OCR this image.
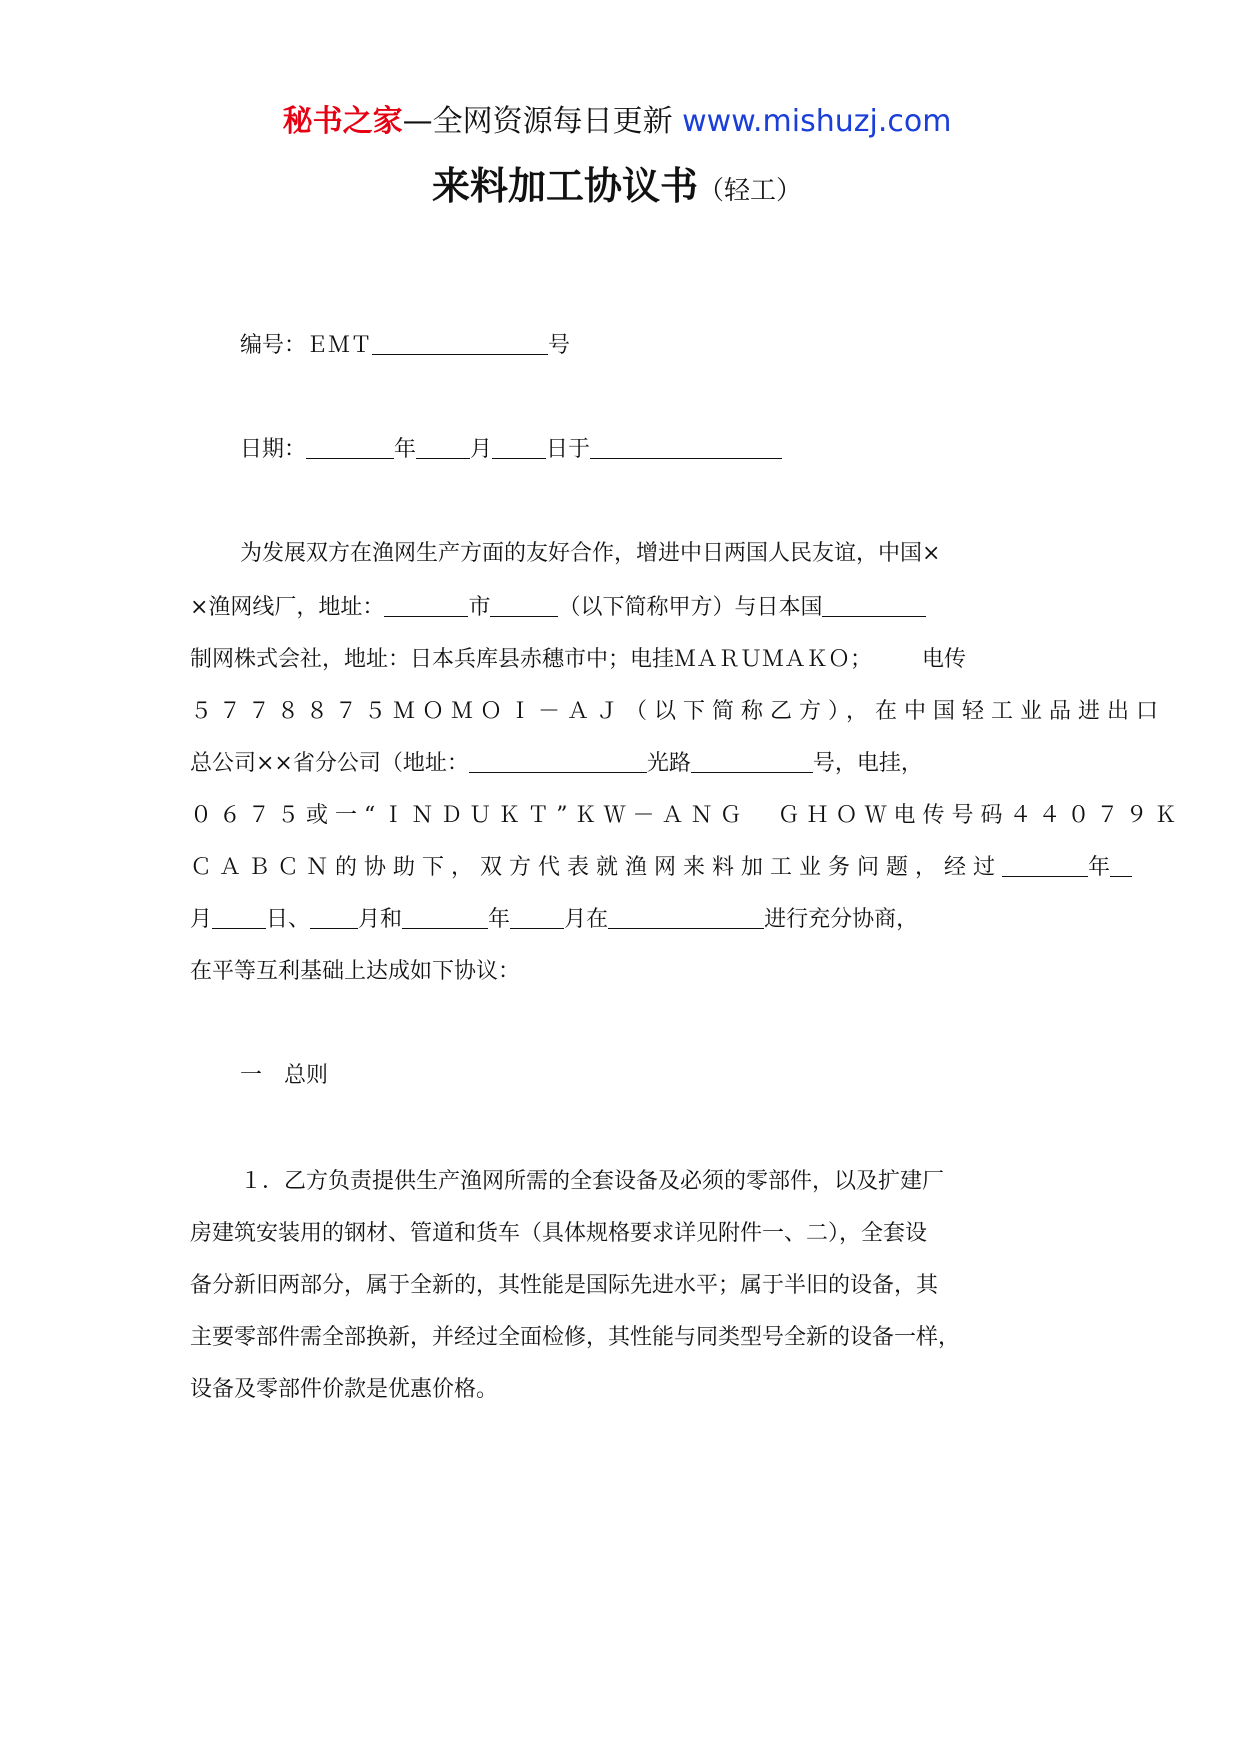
秘书之家—全网资源每日更新 www.mishuzj.com
来料加工协议书（轻工）
编号：ＥＭＴ	号
日期：	年 月 日于
为发展双方在渔网生产方面的友好合作，增进中日两国人民友谊，中国×
×渔网线厂，地址：	市	（以下简称甲方）与日本国
制网株式会社，地址：日本兵库县赤穗市中；电挂ＭＡＲＵＭＡＫＯ； 电传
５７７８８７５ＭＯＭＯＩ－ＡＪ（以下简称乙方），在中国轻工业品进出口
总公司××省分公司（地址：	光路	号，电挂，
０６７５或一“ＩＮＤＵＫＴ”ＫＷ－ＡＮＧ　ＧＨＯＷ电传号码４４０７９Ｋ
ＣＡＢＣＮ的协助下，双方代表就渔网来料加工业务问题，经过	年
月 日、 月和	年 月在	进行充分协商，
在平等互利基础上达成如下协议：
一　总则
１．乙方负责提供生产渔网所需的全套设备及必须的零部件，以及扩建厂
房建筑安装用的钢材、管道和货车（具体规格要求详见附件一、二），全套设
备分新旧两部分，属于全新的，其性能是国际先进水平；属于半旧的设备，其
主要零部件需全部换新，并经过全面检修，其性能与同类型号全新的设备一样，
设备及零部件价款是优惠价格。
